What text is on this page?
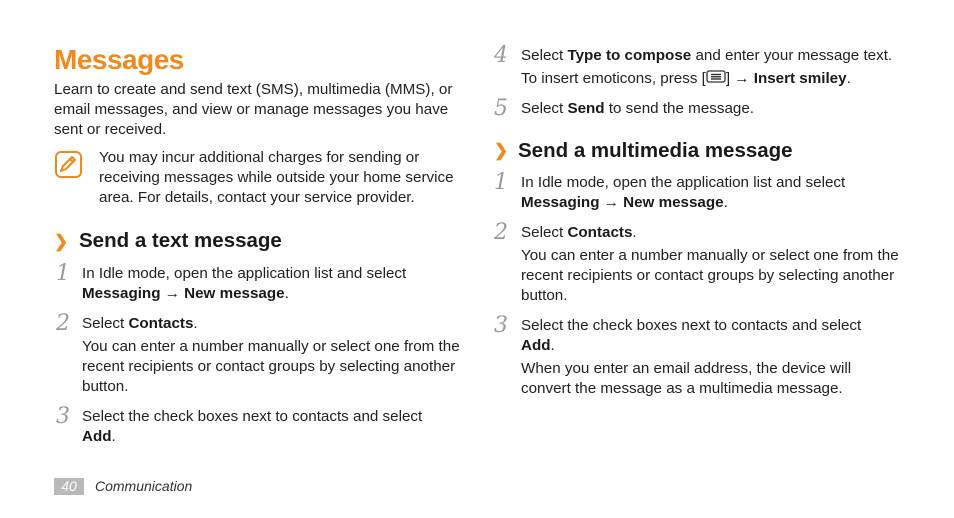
Messages

Learn to create and send text (SMS), multimedia (MMS), or email messages, and view or manage messages you have sent or received.

You may incur additional charges for sending or receiving messages while outside your home service area. For details, contact your service provider.

❯ Send a text message
1 In Idle mode, open the application list and select
Messaging → New message.
2 Select Contacts.
You can enter a number manually or select one from the recent recipients or contact groups by selecting another button.
3 Select the check boxes next to contacts and select
Add.
40	Communication
4 Select Type to compose and enter your message text.
To insert emoticons, press [ ] → Insert smiley.
5 Select Send to send the message.
❯ Send a multimedia message
1 In Idle mode, open the application list and select
Messaging → New message.
2 Select Contacts.
You can enter a number manually or select one from the recent recipients or contact groups by selecting another button.
3 Select the check boxes next to contacts and select
Add.
When you enter an email address, the device will convert the message as a multimedia message.
